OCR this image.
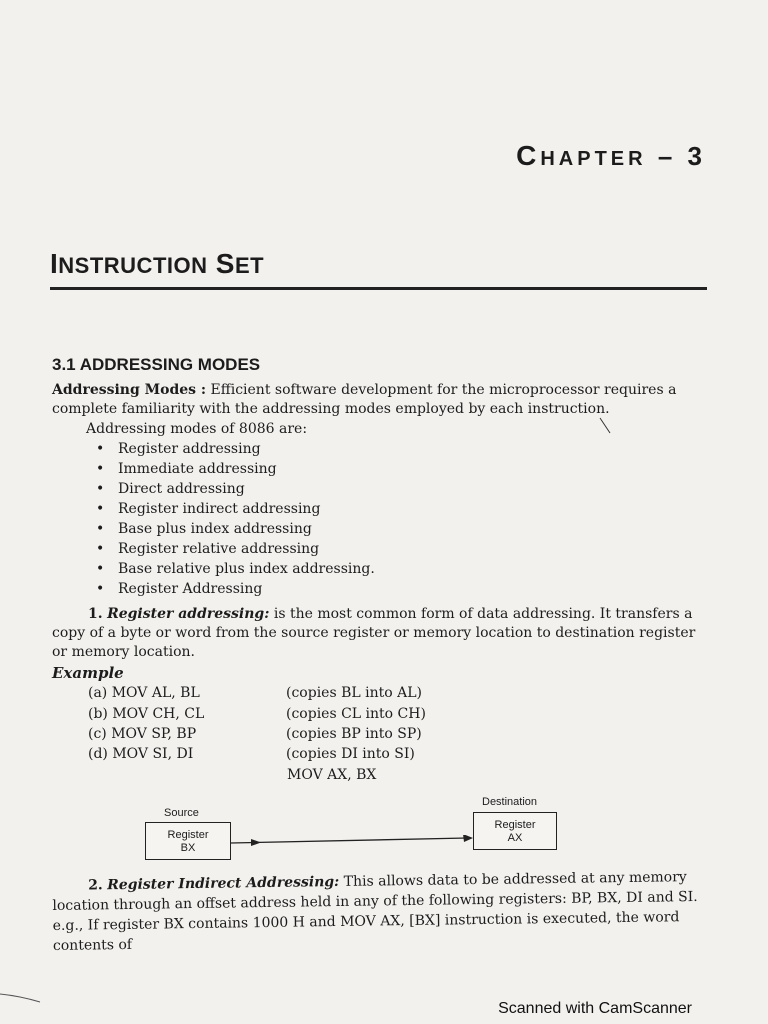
CHAPTER – 3
INSTRUCTION SET
3.1 ADDRESSING MODES
Addressing Modes : Efficient software development for the microprocessor requires a complete familiarity with the addressing modes employed by each instruction.
Addressing modes of 8086 are:
• Register addressing
• Immediate addressing
• Direct addressing
• Register indirect addressing
• Base plus index addressing
• Register relative addressing
• Base relative plus index addressing.
• Register Addressing
1. Register addressing: is the most common form of data addressing. It transfers a copy of a byte or word from the source register or memory location to destination register or memory location.
Example
(a) MOV AL, BL	(copies BL into AL)
(b) MOV CH, CL	(copies CL into CH)
(c) MOV SP, BP	(copies BP into SP)
(d) MOV SI, DI	(copies DI into SI)
MOV AX, BX
Source
Destination
Register
BX
Register
AX
2. Register Indirect Addressing: This allows data to be addressed at any memory location through an offset address held in any of the following registers: BP, BX, DI and SI. e.g., If register BX contains 1000 H and MOV AX, [BX] instruction is executed, the word contents of
Scanned with CamScanner
